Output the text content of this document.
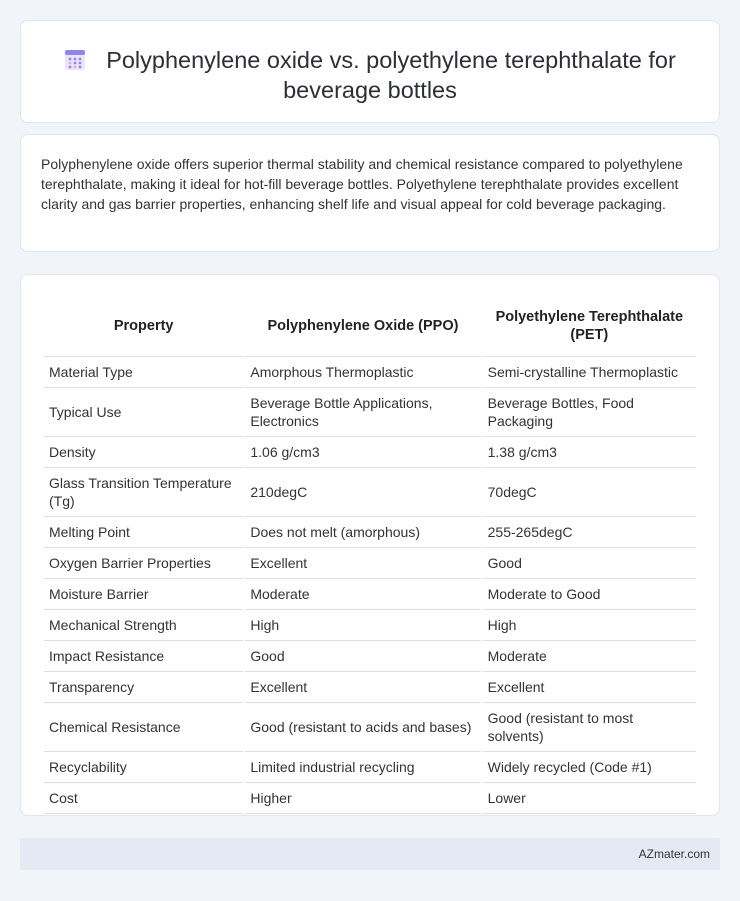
Polyphenylene oxide vs. polyethylene terephthalate for beverage bottles

Polyphenylene oxide offers superior thermal stability and chemical resistance compared to polyethylene terephthalate, making it ideal for hot-fill beverage bottles. Polyethylene terephthalate provides excellent clarity and gas barrier properties, enhancing shelf life and visual appeal for cold beverage packaging.

Property	Polyphenylene Oxide (PPO)	Polyethylene Terephthalate (PET)
Material Type	Amorphous Thermoplastic	Semi-crystalline Thermoplastic
Typical Use	Beverage Bottle Applications, Electronics	Beverage Bottles, Food Packaging
Density	1.06 g/cm3	1.38 g/cm3
Glass Transition Temperature (Tg)	210degC	70degC
Melting Point	Does not melt (amorphous)	255-265degC
Oxygen Barrier Properties	Excellent	Good
Moisture Barrier	Moderate	Moderate to Good
Mechanical Strength	High	High
Impact Resistance	Good	Moderate
Transparency	Excellent	Excellent
Chemical Resistance	Good (resistant to acids and bases)	Good (resistant to most solvents)
Recyclability	Limited industrial recycling	Widely recycled (Code #1)
Cost	Higher	Lower
AZmater.com
